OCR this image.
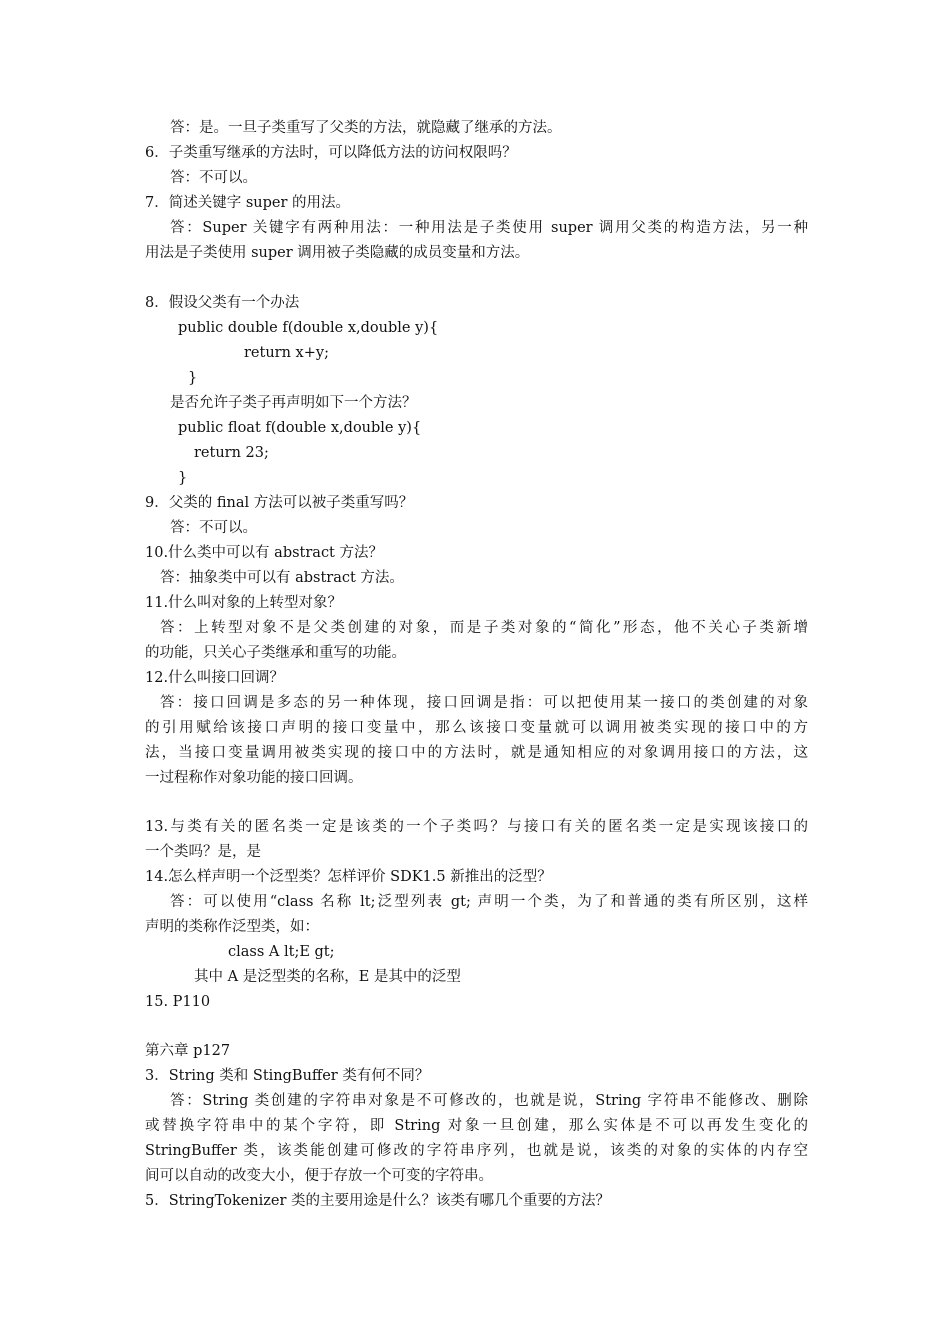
答：是。一旦子类重写了父类的方法，就隐藏了继承的方法。
6．子类重写继承的方法时，可以降低方法的访问权限吗？
答：不可以。
7．简述关键字 super 的用法。
答：Super 关键字有两种用法：一种用法是子类使用 super 调用父类的构造方法，另一种
用法是子类使用 super 调用被子类隐藏的成员变量和方法。
8．假设父类有一个办法
public double f(double x,double y){
return x+y;
}
是否允许子类子再声明如下一个方法？
public float f(double x,double y){
return 23;
}
9．父类的 final 方法可以被子类重写吗？
答：不可以。
10.什么类中可以有 abstract 方法？
答：抽象类中可以有 abstract 方法。
11.什么叫对象的上转型对象？
答：上转型对象不是父类创建的对象，而是子类对象的“简化”形态，他不关心子类新增
的功能，只关心子类继承和重写的功能。
12.什么叫接口回调？
答：接口回调是多态的另一种体现，接口回调是指：可以把使用某一接口的类创建的对象
的引用赋给该接口声明的接口变量中，那么该接口变量就可以调用被类实现的接口中的方
法，当接口变量调用被类实现的接口中的方法时，就是通知相应的对象调用接口的方法，这
一过程称作对象功能的接口回调。
13.与类有关的匿名类一定是该类的一个子类吗？与接口有关的匿名类一定是实现该接口的
一个类吗？是，是
14.怎么样声明一个泛型类？怎样评价 SDK1.5 新推出的泛型？
答：可以使用“class 名称 lt;泛型列表 gt; 声明一个类，为了和普通的类有所区别，这样
声明的类称作泛型类，如：
class A lt;E gt;
其中 A 是泛型类的名称，E 是其中的泛型
15. P110
第六章 p127
3．String 类和 StingBuffer 类有何不同？
答：String 类创建的字符串对象是不可修改的，也就是说，String 字符串不能修改、删除
或替换字符串中的某个字符，即 String 对象一旦创建，那么实体是不可以再发生变化的
StringBuffer 类，该类能创建可修改的字符串序列，也就是说，该类的对象的实体的内存空
间可以自动的改变大小，便于存放一个可变的字符串。
5．StringTokenizer 类的主要用途是什么？该类有哪几个重要的方法？
